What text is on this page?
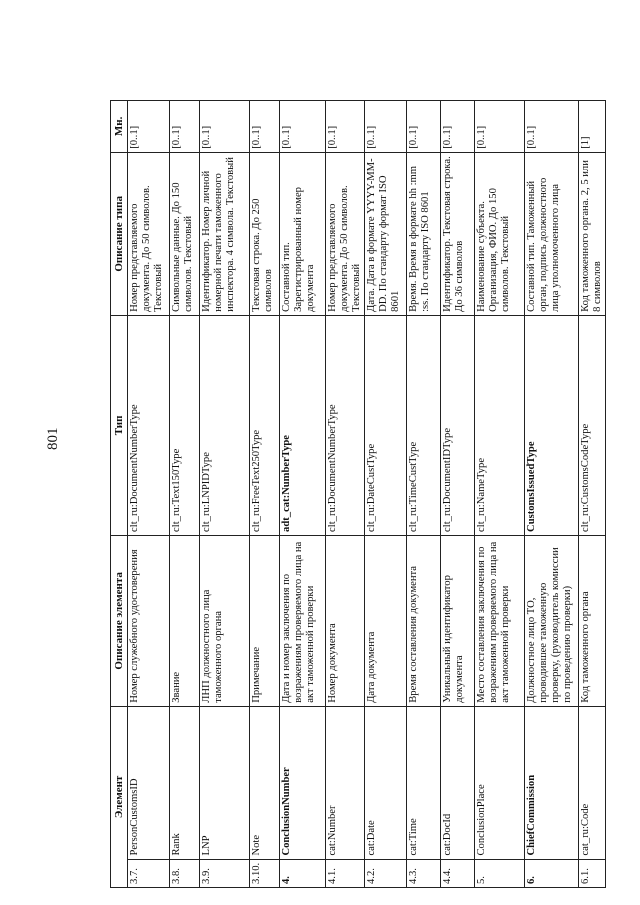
801
Элемент		Описание элемента	Тип	Описание типа	Мн.
3.7.	PersonCustomsID	Номер служебного удостоверения	clt_ru:DocumentNumberType	Номер представляемого документа. До 50 символов. Текстовый	[0..1]
3.8.	Rank	Звание	clt_ru:Text150Type	Символьные данные. До 150 символов. Текстовый	[0..1]
3.9.	LNP	ЛНП должностного лица таможенного органа	clt_ru:LNPIDType	Идентификатор. Номер личной номерной печати таможенного инспектора. 4 символа. Текстовый	[0..1]
3.10.	Note	Примечание	clt_ru:FreeText250Type	Текстовая строка. До 250 символов	[0..1]
4.	ConclusionNumber	Дата и номер заключения по возражениям проверяемого лица на акт таможенной проверки	adt_cat:NumberType	Составной тип. Зарегистрированный номер документа	[0..1]
4.1.	cat:Number	Номер документа	clt_ru:DocumentNumberType	Номер представляемого документа. До 50 символов. Текстовый	[0..1]
4.2.	cat:Date	Дата документа	clt_ru:DateCustType	Дата. Дата в формате YYYY-MM-DD. По стандарту формат ISO 8601	[0..1]
4.3.	cat:Time	Время составления документа	clt_ru:TimeCustType	Время. Время в формате hh :mm :ss. По стандарту ISO 8601	[0..1]
4.4.	cat:DocId	Уникальный идентификатор документа	clt_ru:DocumentIDType	Идентификатор. Текстовая строка. До 36 символов	[0..1]
5.	ConclusionPlace	Место составления заключения по возражениям проверяемого лица на акт таможенной проверки	clt_ru:NameType	Наименование субъекта. Организация, ФИО. До 150 символов. Текстовый	[0..1]
6.	ChiefCommission	Должностное лицо ТО, проводившее таможенную проверку, (руководитель комиссии по проведению проверки)	CustomsIssuedType	Составной тип. Таможенный орган, подпись должностного лица уполномоченного лица	[0..1]
6.1.	cat_ru:Code	Код таможенного органа	clt_ru:CustomsCodeType	Код таможенного органа. 2, 5 или 8 символов	[1]
